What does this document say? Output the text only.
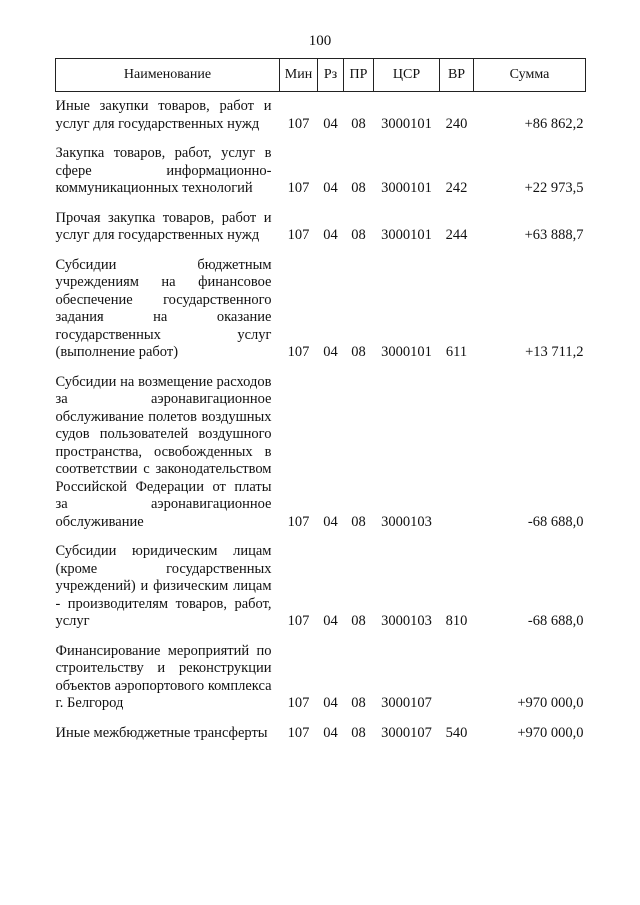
100
Наименование	Мин	Рз	ПР	ЦСР	ВР	Сумма
Иные закупки товаров, работ и услуг для государственных нужд	107	04	08	3000101	240	+86 862,2
Закупка товаров, работ, услуг в сфере информационно-коммуникационных технологий	107	04	08	3000101	242	+22 973,5
Прочая закупка товаров, работ и услуг для государственных нужд	107	04	08	3000101	244	+63 888,7
Субсидии бюджетным учреждениям на финансовое обеспечение государственного задания на оказание государственных услуг (выполнение работ)	107	04	08	3000101	611	+13 711,2
Субсидии на возмещение расходов за аэронавигационное обслуживание полетов воздушных судов пользователей воздушного пространства, освобожденных в соответствии с законодательством Российской Федерации от платы за аэронавигационное обслуживание	107	04	08	3000103		-68 688,0
Субсидии юридическим лицам (кроме государственных учреждений) и физическим лицам - производителям товаров, работ, услуг	107	04	08	3000103	810	-68 688,0
Финансирование мероприятий по строительству и реконструкции объектов аэропортового комплекса г. Белгород	107	04	08	3000107		+970 000,0
Иные межбюджетные трансферты	107	04	08	3000107	540	+970 000,0
